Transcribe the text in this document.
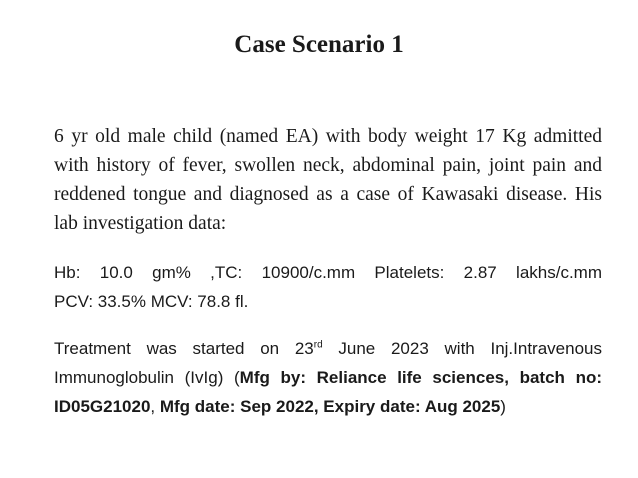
Case Scenario 1

6 yr old male child (named EA) with body weight 17 Kg admitted with history of fever, swollen neck, abdominal pain, joint pain and reddened tongue and diagnosed as a case of Kawasaki disease. His lab investigation data:

Hb: 10.0 gm% ,TC: 10900/c.mm Platelets: 2.87 lakhs/c.mm
PCV: 33.5% MCV: 78.8 fl.

Treatment was started on 23rd June 2023 with Inj.Intravenous Immunoglobulin (IvIg) (Mfg by: Reliance life sciences, batch no: ID05G21020, Mfg date: Sep 2022, Expiry date: Aug 2025)
